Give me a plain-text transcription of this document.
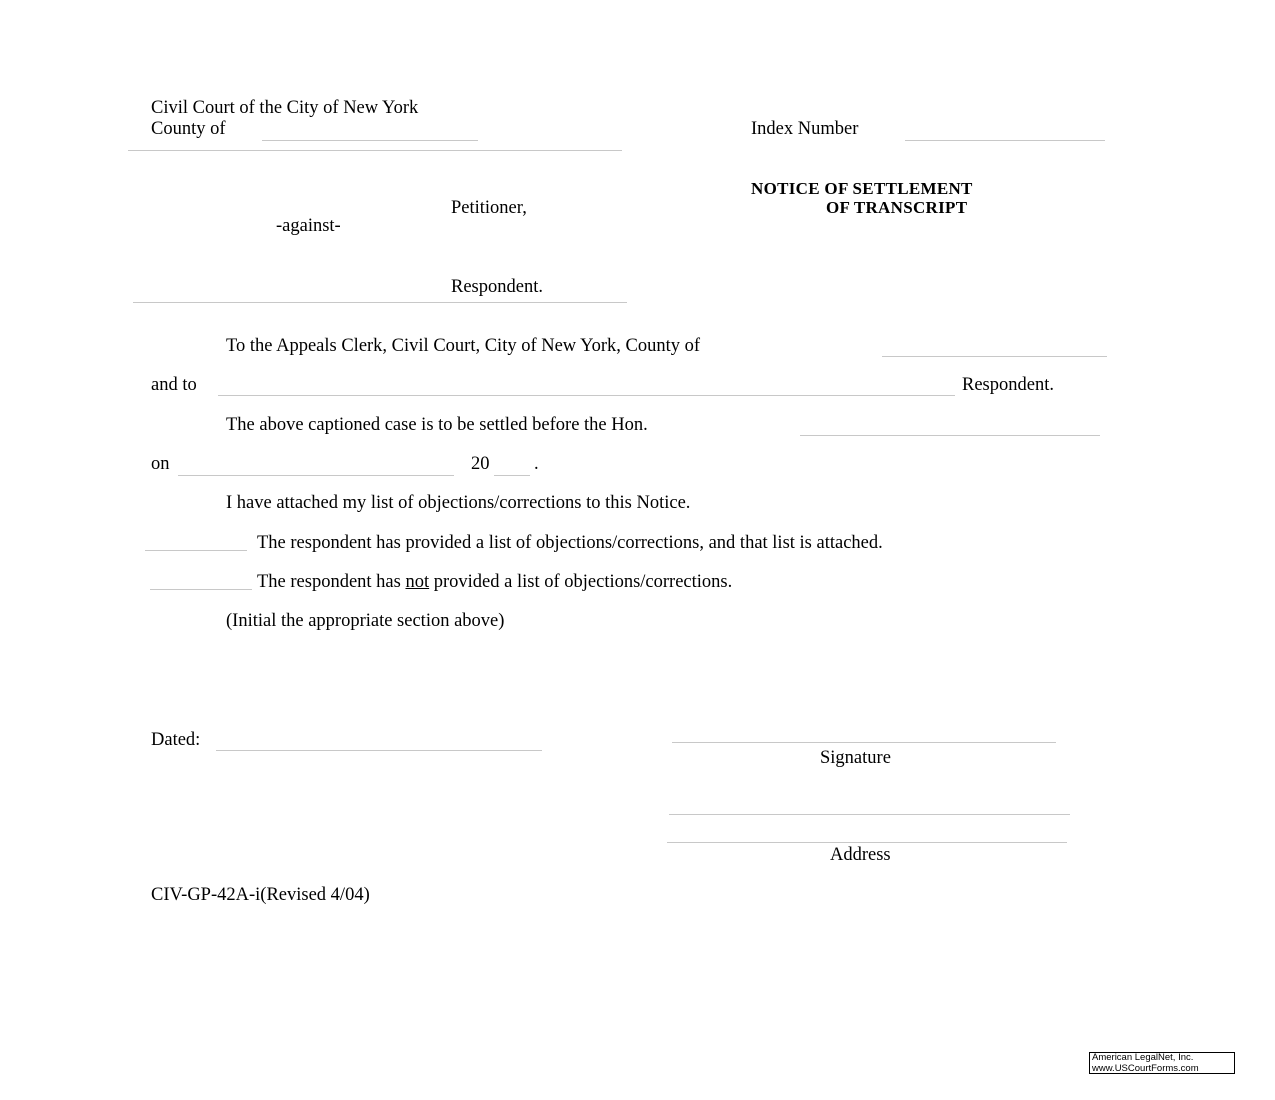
Civil Court of the City of New York
County of	Index Number
NOTICE OF SETTLEMENT
OF TRANSCRIPT
Petitioner,
-against-
Respondent.
To the Appeals Clerk, Civil Court, City of New York, County of
and to	Respondent.
The above captioned case is to be settled before the Hon.
on	20 .
I have attached my list of objections/corrections to this Notice.
The respondent has provided a list of objections/corrections, and that list is attached.
The respondent has not provided a list of objections/corrections.
(Initial the appropriate section above)
Dated:
Signature
Address
CIV-GP-42A-i(Revised 4/04)
American LegalNet, Inc.
www.USCourtForms.com
